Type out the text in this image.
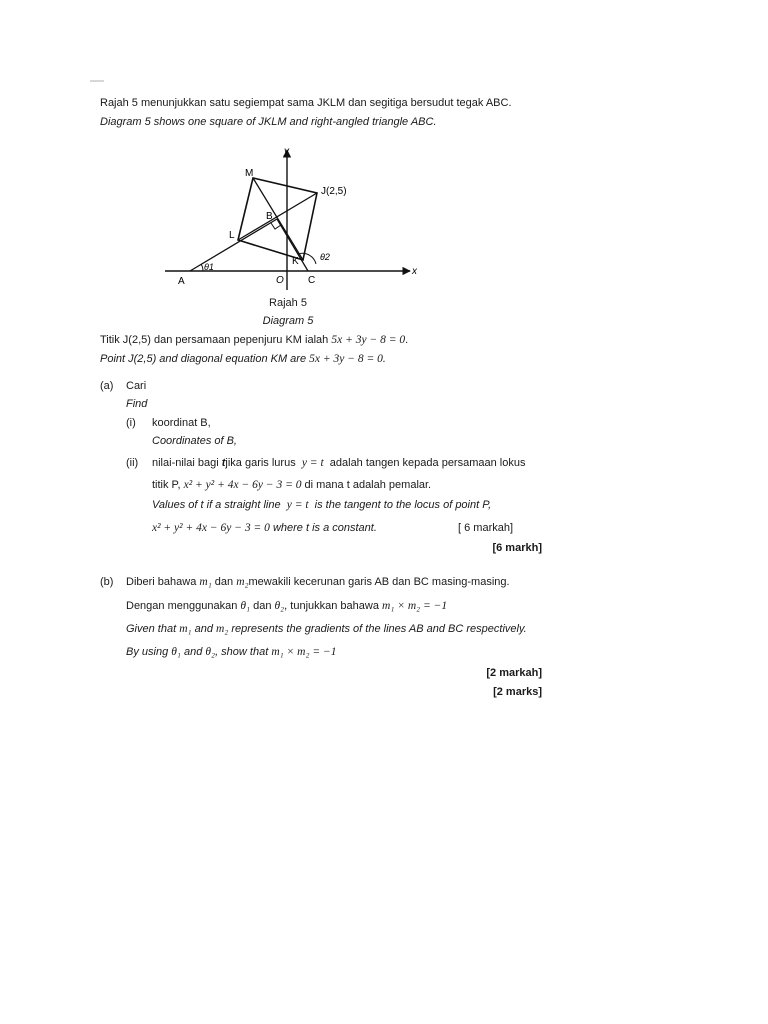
Rajah 5 menunjukkan satu segiempat sama JKLM dan segitiga bersudut tegak ABC.
Diagram 5 shows one square of JKLM and right-angled triangle ABC.
y
x
M
J(2,5)
B
L
K
A	O C
θ1
θ2
Rajah 5
Diagram 5
Titik J(2,5) dan persamaan pepenjuru KM ialah 5x + 3y − 8 = 0.
Point J(2,5) and diagonal equation KM are 5x + 3y − 8 = 0.
(a) Cari
Find
(i) koordinat B,
Coordinates of B,
(ii) nilai-nilai bagi tjika garis lurus y = t adalah tangen kepada persamaan lokus
titik P, x² + y² + 4x − 6y − 3 = 0 di mana t adalah pemalar.
Values of t if a straight line y = t is the tangent to the locus of point P,
x² + y² + 4x − 6y − 3 = 0 where t is a constant.	[ 6 markah]
[6 markh]
(b) Diberi bahawa m₁ dan m₂mewakili kecerunan garis AB dan BC masing-masing.
Dengan menggunakan θ₁ dan θ₂, tunjukkan bahawa m₁ × m₂ = −1
Given that m₁ and m₂ represents the gradients of the lines AB and BC respectively.
By using θ₁ and θ₂, show that m₁ × m₂ = −1
[2 markah]
[2 marks]
